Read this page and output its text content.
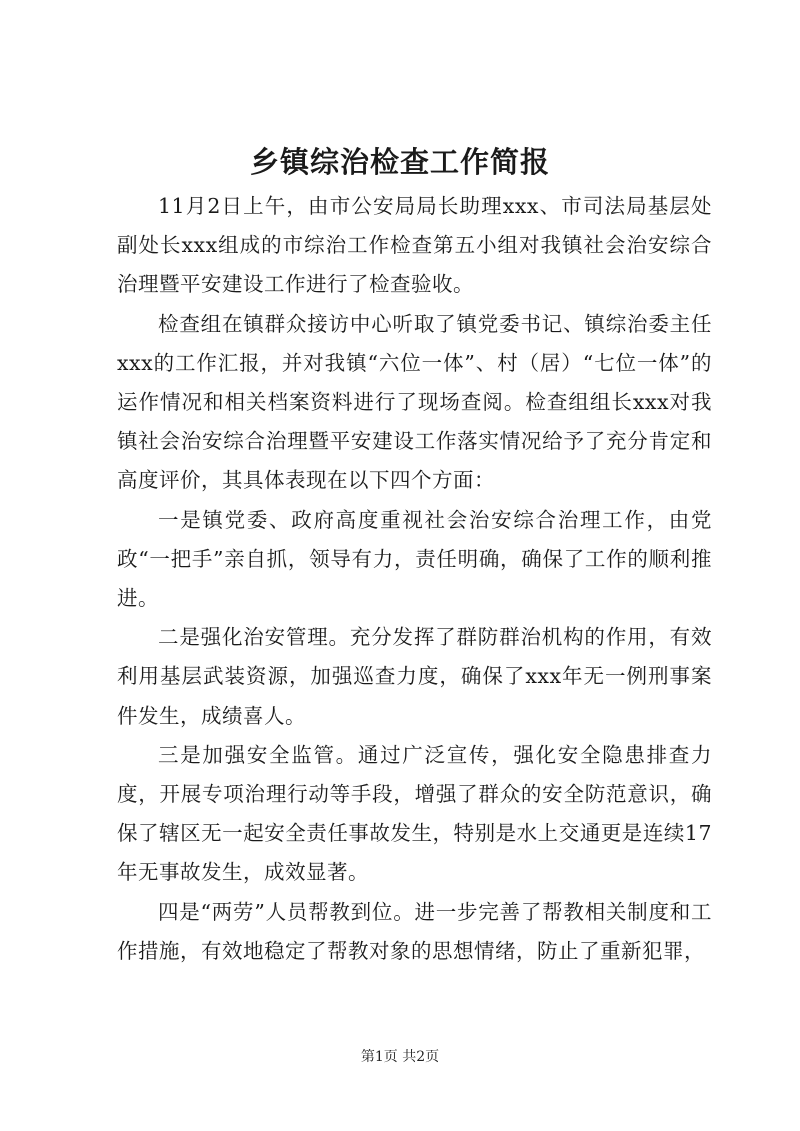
乡镇综治检查工作简报

11月2日上午，由市公安局局长助理xxx、市司法局基层处副处长xxx组成的市综治工作检查第五小组对我镇社会治安综合治理暨平安建设工作进行了检查验收。

检查组在镇群众接访中心听取了镇党委书记、镇综治委主任xxx的工作汇报，并对我镇“六位一体”、村（居）“七位一体”的运作情况和相关档案资料进行了现场查阅。检查组组长xxx对我镇社会治安综合治理暨平安建设工作落实情况给予了充分肯定和高度评价，其具体表现在以下四个方面：

一是镇党委、政府高度重视社会治安综合治理工作，由党政“一把手”亲自抓，领导有力，责任明确，确保了工作的顺利推进。

二是强化治安管理。充分发挥了群防群治机构的作用，有效利用基层武装资源，加强巡查力度，确保了xxx年无一例刑事案件发生，成绩喜人。

三是加强安全监管。通过广泛宣传，强化安全隐患排查力度，开展专项治理行动等手段，增强了群众的安全防范意识，确保了辖区无一起安全责任事故发生，特别是水上交通更是连续17年无事故发生，成效显著。

四是“两劳”人员帮教到位。进一步完善了帮教相关制度和工作措施，有效地稳定了帮教对象的思想情绪，防止了重新犯罪，

第1页 共2页
